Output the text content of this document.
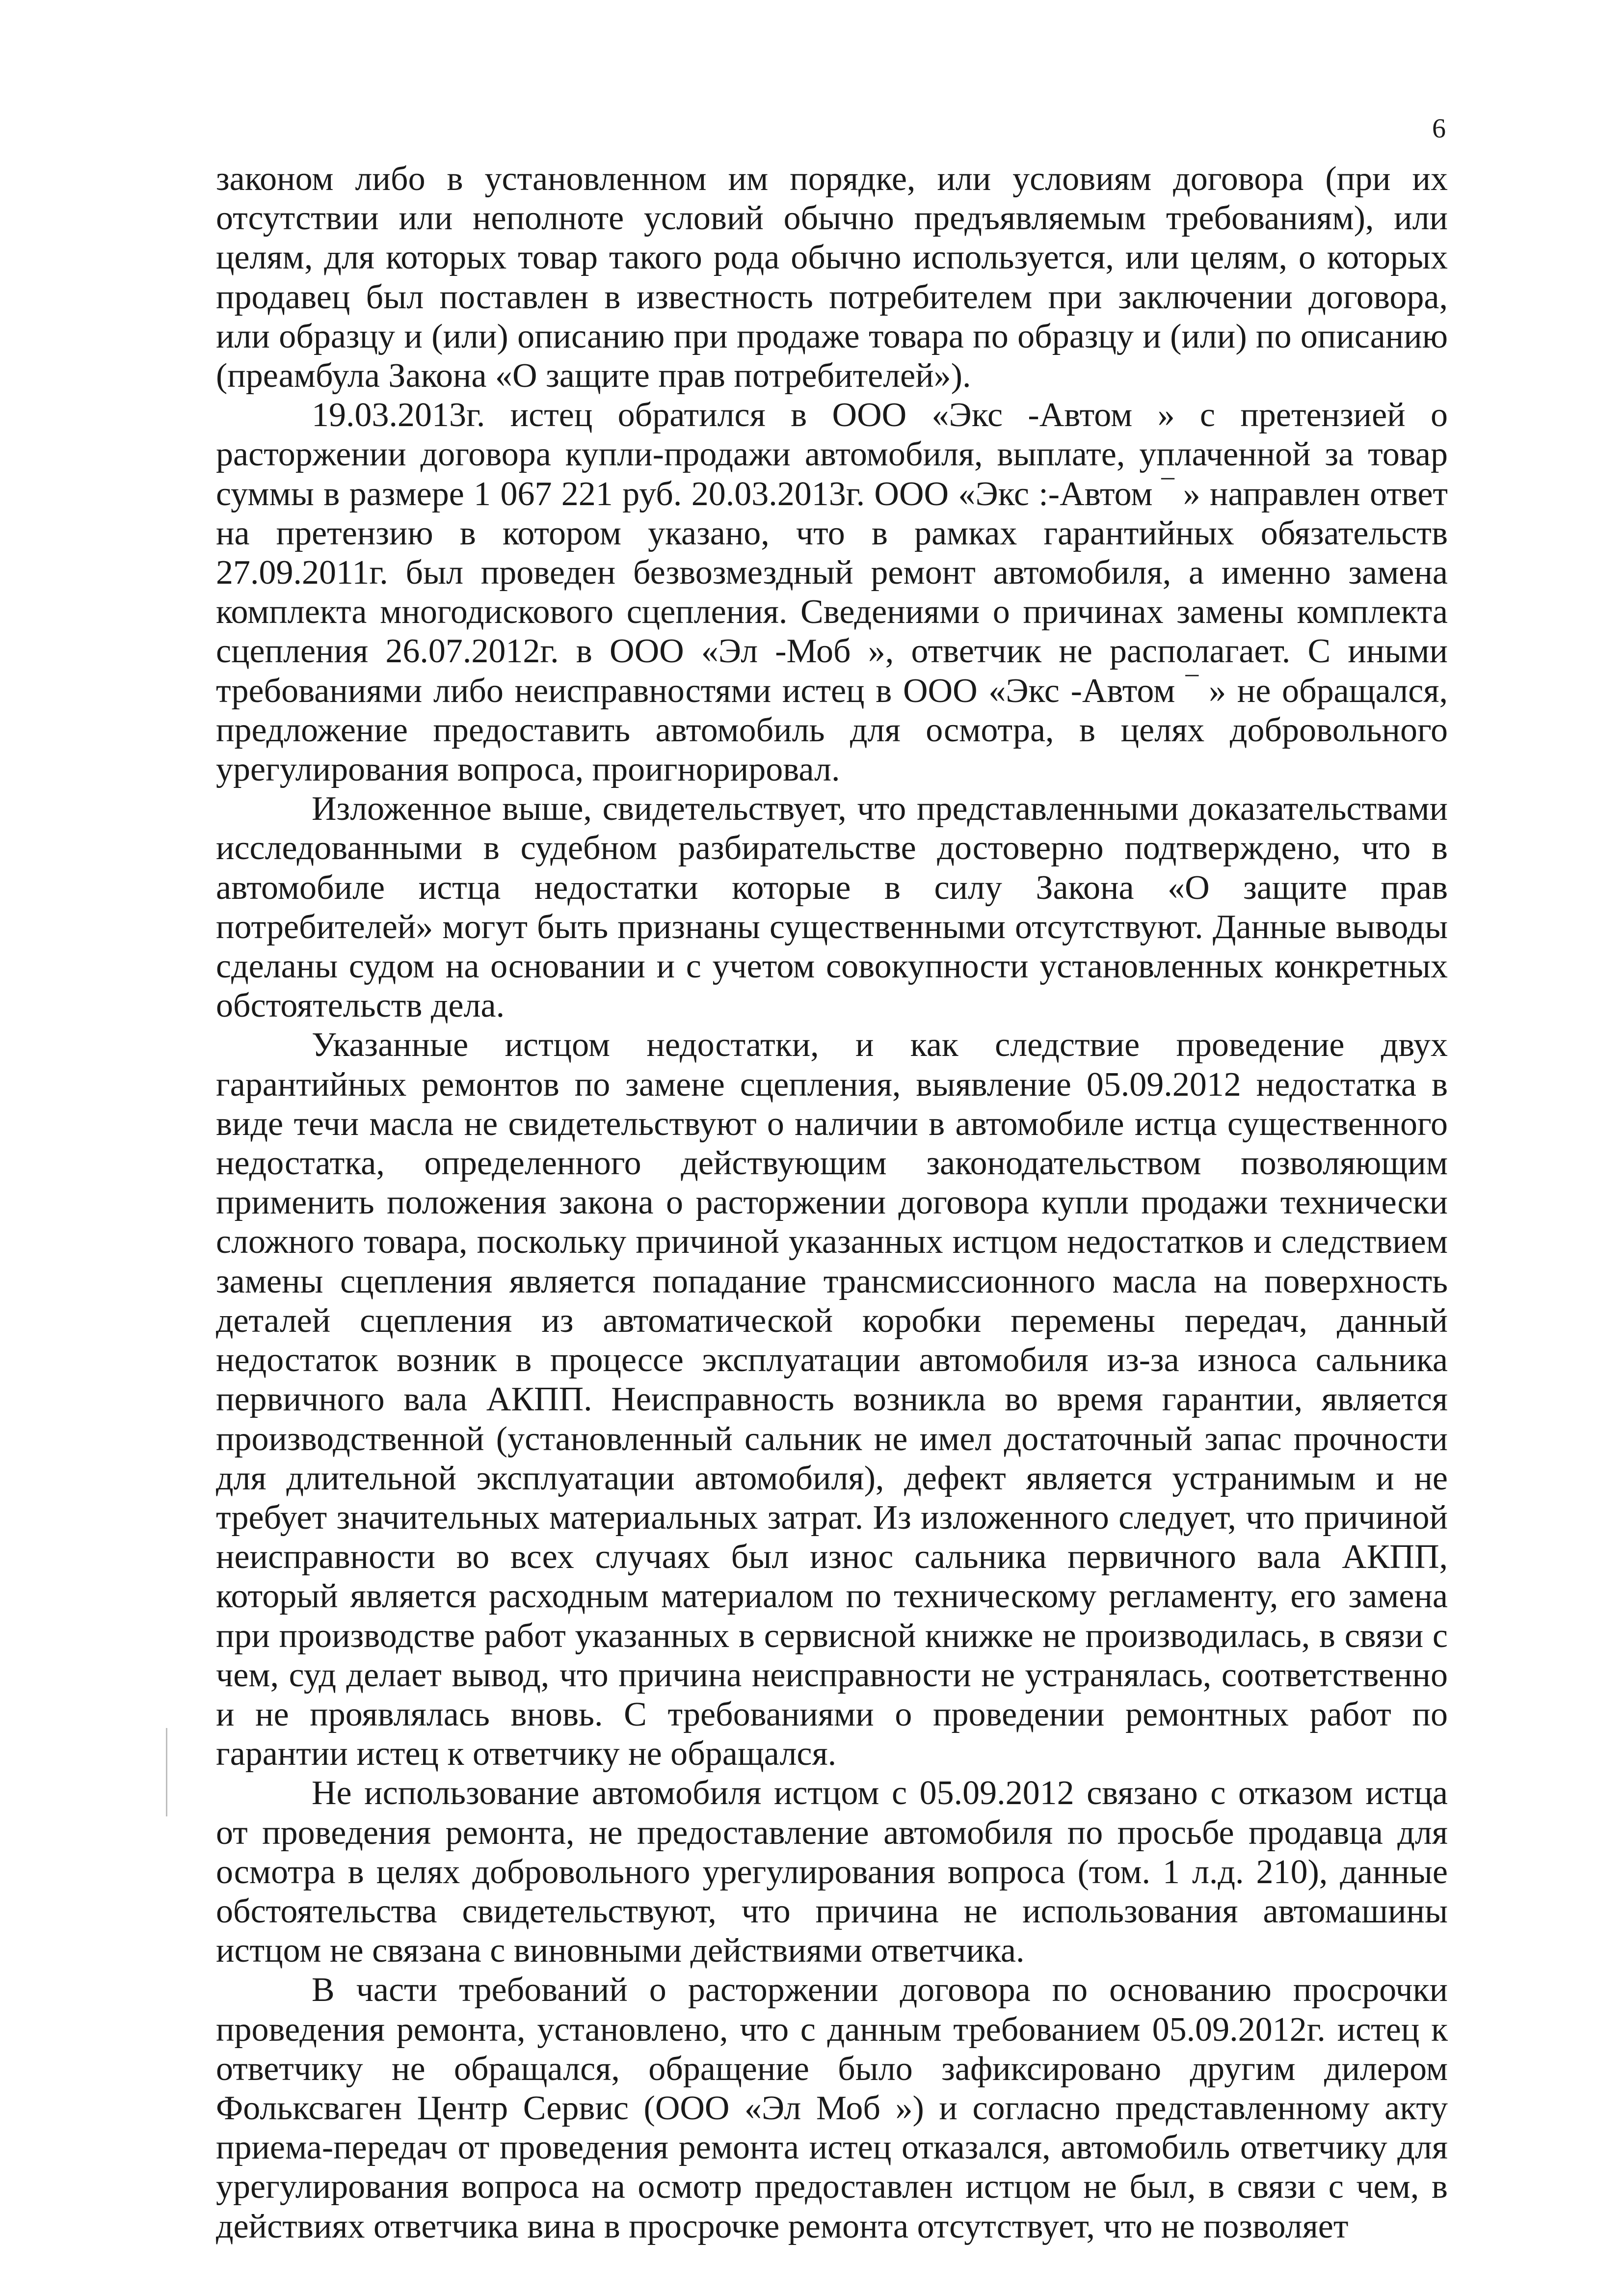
6

законом либо в установленном им порядке, или условиям договора (при их отсутствии или неполноте условий обычно предъявляемым требованиям), или целям, для которых товар такого рода обычно используется, или целям, о которых продавец был поставлен в известность потребителем при заключении договора, или образцу и (или) описанию при продаже товара по образцу и (или) по описанию (преамбула Закона «О защите прав потребителей»).

19.03.2013г. истец обратился в ООО «Экс -Автом » с претензией о расторжении договора купли-продажи автомобиля, выплате, уплаченной за товар суммы в размере 1 067 221 руб. 20.03.2013г. ООО «Экс :-Автом ‾ » направлен ответ на претензию в котором указано, что в рамках гарантийных обязательств 27.09.2011г. был проведен безвозмездный ремонт автомобиля, а именно замена комплекта многодискового сцепления. Сведениями о причинах замены комплекта сцепления 26.07.2012г. в ООО «Эл -Моб », ответчик не располагает. С иными требованиями либо неисправностями истец в ООО «Экс -Автом ‾ » не обращался, предложение предоставить автомобиль для осмотра, в целях добровольного урегулирования вопроса, проигнорировал.

Изложенное выше, свидетельствует, что представленными доказательствами исследованными в судебном разбирательстве достоверно подтверждено, что в автомобиле истца недостатки которые в силу Закона «О защите прав потребителей» могут быть признаны существенными отсутствуют. Данные выводы сделаны судом на основании и с учетом совокупности установленных конкретных обстоятельств дела.

Указанные истцом недостатки, и как следствие проведение двух гарантийных ремонтов по замене сцепления, выявление 05.09.2012 недостатка в виде течи масла не свидетельствуют о наличии в автомобиле истца существенного недостатка, определенного действующим законодательством позволяющим применить положения закона о расторжении договора купли продажи технически сложного товара, поскольку причиной указанных истцом недостатков и следствием замены сцепления является попадание трансмиссионного масла на поверхность деталей сцепления из автоматической коробки перемены передач, данный недостаток возник в процессе эксплуатации автомобиля из-за износа сальника первичного вала АКПП. Неисправность возникла во время гарантии, является производственной (установленный сальник не имел достаточный запас прочности для длительной эксплуатации автомобиля), дефект является устранимым и не требует значительных материальных затрат. Из изложенного следует, что причиной неисправности во всех случаях был износ сальника первичного вала АКПП, который является расходным материалом по техническому регламенту, его замена при производстве работ указанных в сервисной книжке не производилась, в связи с чем, суд делает вывод, что причина неисправности не устранялась, соответственно и не проявлялась вновь. С требованиями о проведении ремонтных работ по гарантии истец к ответчику не обращался.

Не использование автомобиля истцом с 05.09.2012 связано с отказом истца от проведения ремонта, не предоставление автомобиля по просьбе продавца для осмотра в целях добровольного урегулирования вопроса (том. 1 л.д. 210), данные обстоятельства свидетельствуют, что причина не использования автомашины истцом не связана с виновными действиями ответчика.

В части требований о расторжении договора по основанию просрочки проведения ремонта, установлено, что с данным требованием 05.09.2012г. истец к ответчику не обращался, обращение было зафиксировано другим дилером Фольксваген Центр Сервис (ООО «Эл Моб ») и согласно представленному акту приема-передач от проведения ремонта истец отказался, автомобиль ответчику для урегулирования вопроса на осмотр предоставлен истцом не был, в связи с чем, в действиях ответчика вина в просрочке ремонта отсутствует, что не позволяет
